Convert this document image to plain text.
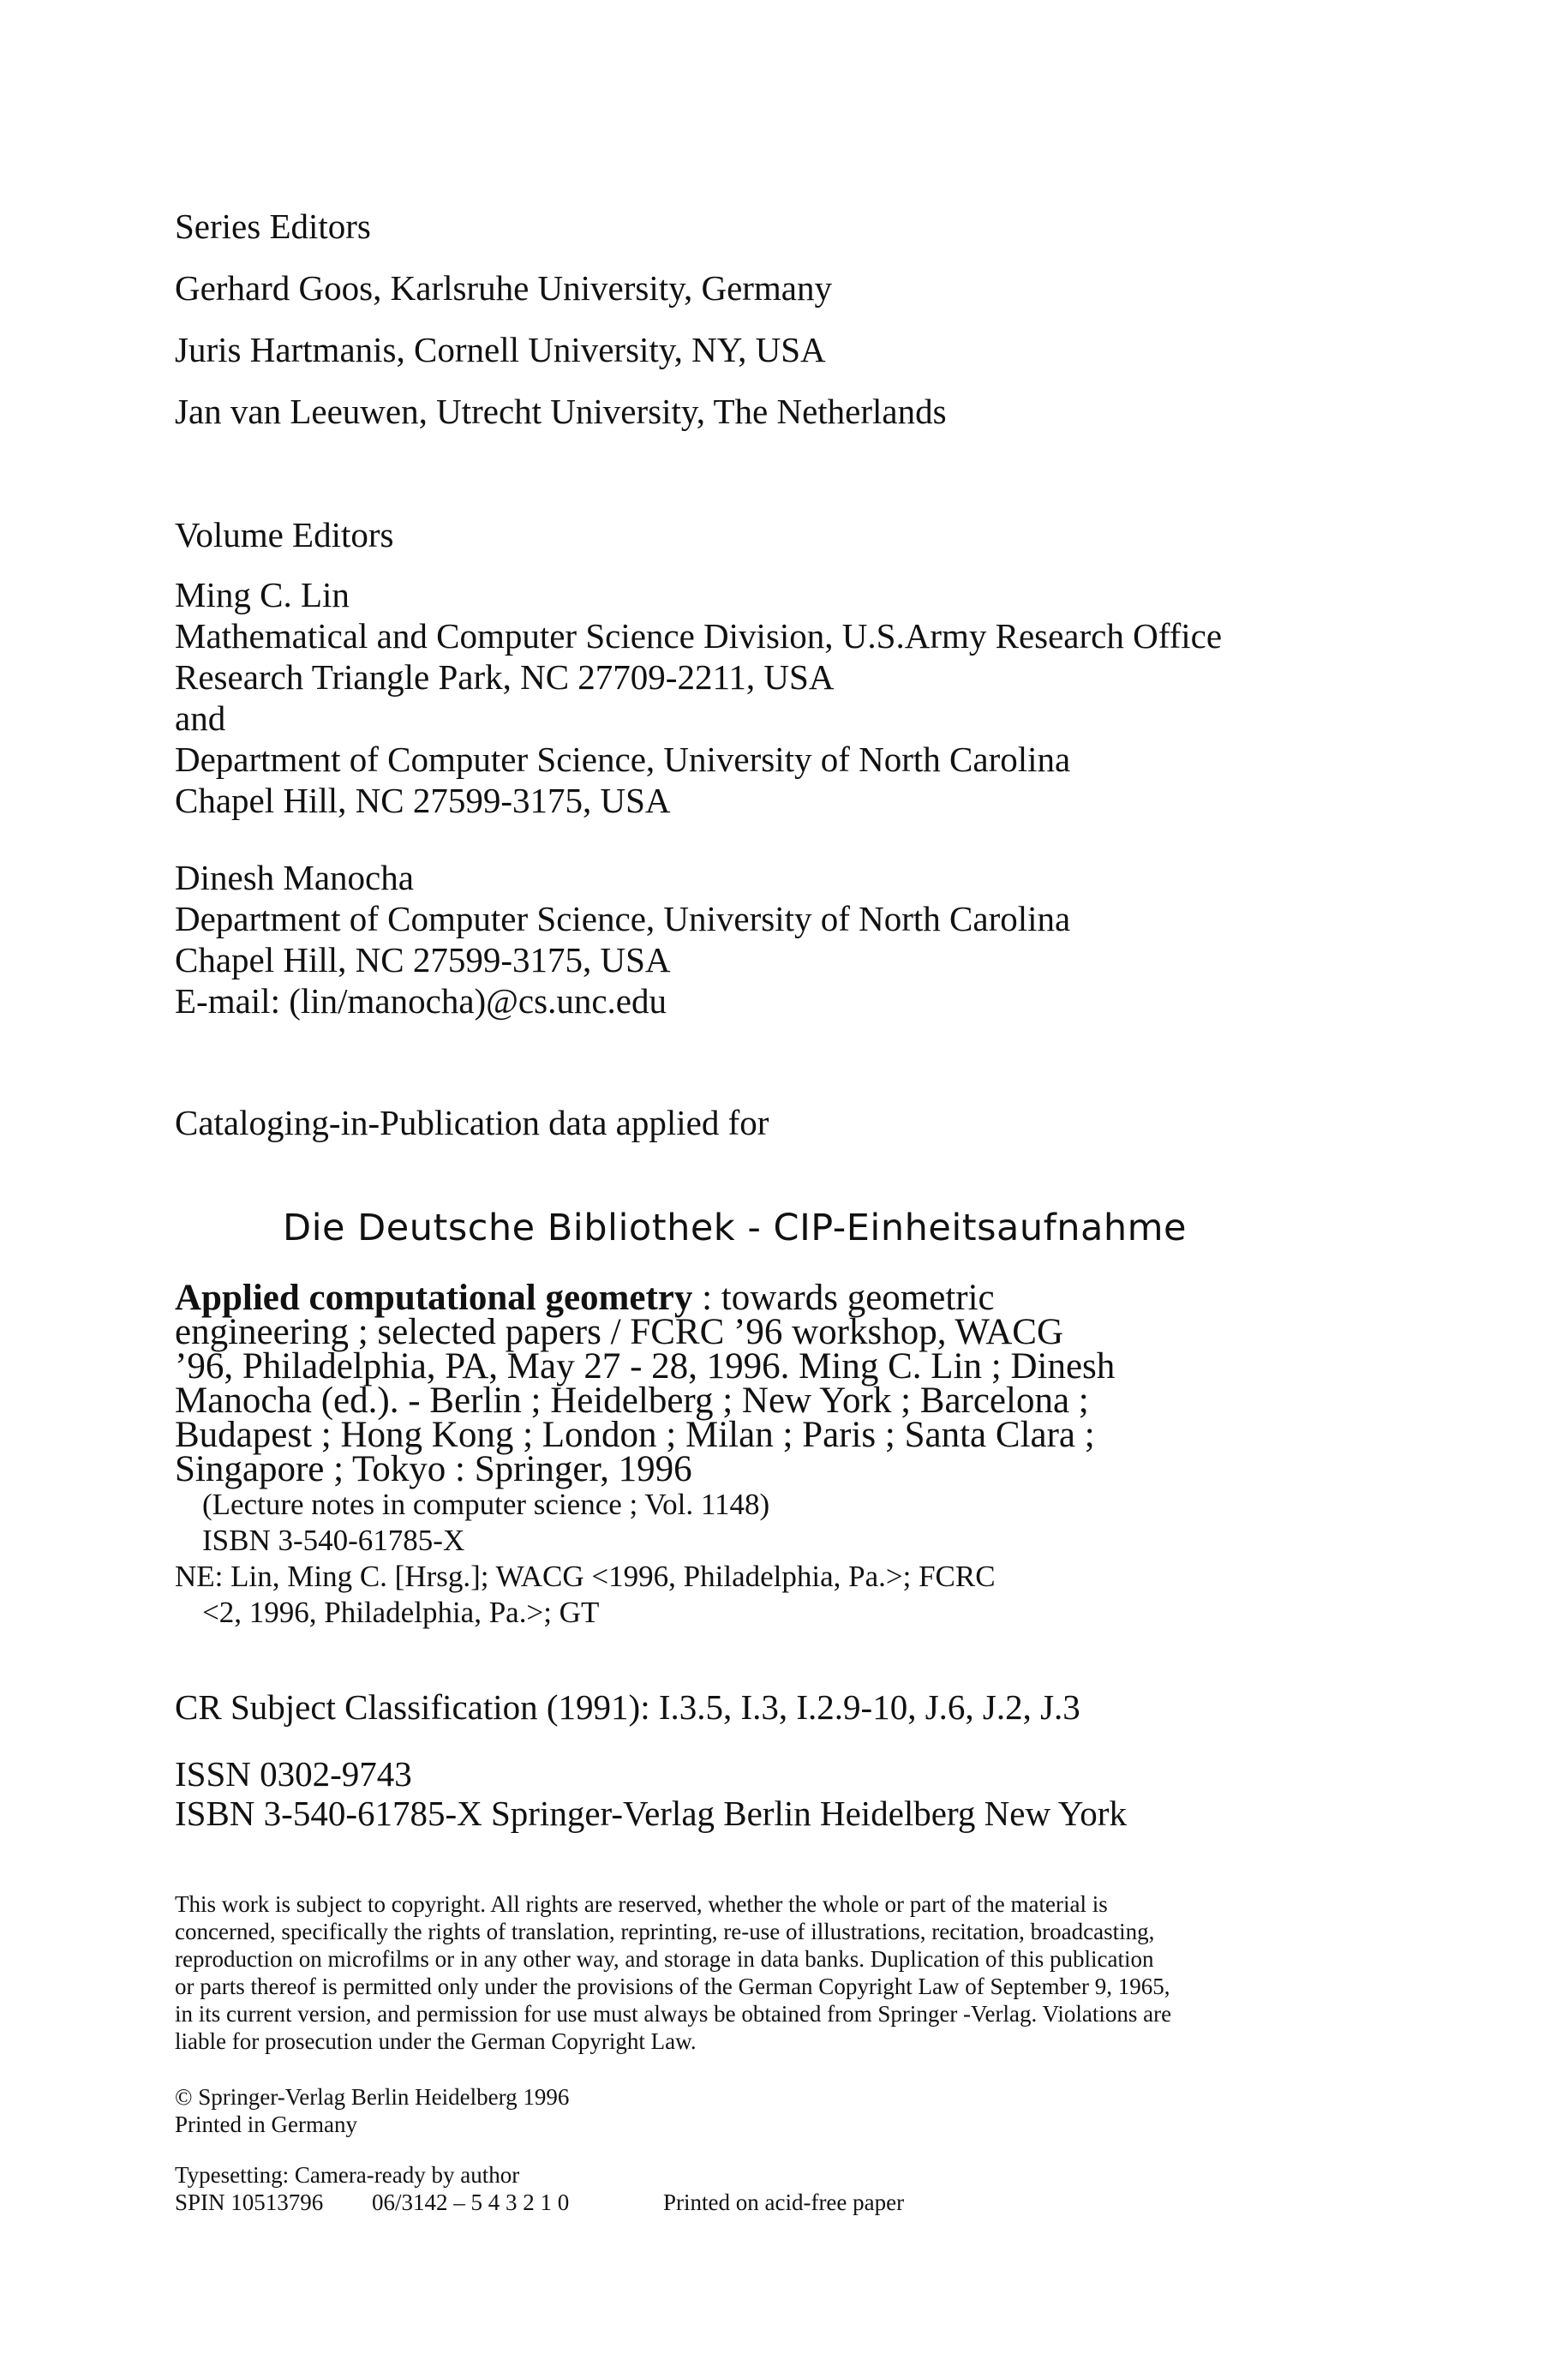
Series Editors
Gerhard Goos, Karlsruhe University, Germany
Juris Hartmanis, Cornell University, NY, USA
Jan van Leeuwen, Utrecht University, The Netherlands
Volume Editors
Ming C. Lin
Mathematical and Computer Science Division, U.S.Army Research Office
Research Triangle Park, NC 27709-2211, USA
and
Department of Computer Science, University of North Carolina
Chapel Hill, NC 27599-3175, USA
Dinesh Manocha
Department of Computer Science, University of North Carolina
Chapel Hill, NC 27599-3175, USA
E-mail: (lin/manocha)@cs.unc.edu
Cataloging-in-Publication data applied for
Die Deutsche Bibliothek - CIP-Einheitsaufnahme
Applied computational geometry : towards geometric
engineering ; selected papers / FCRC ’96 workshop, WACG
’96, Philadelphia, PA, May 27 - 28, 1996. Ming C. Lin ; Dinesh
Manocha (ed.). - Berlin ; Heidelberg ; New York ; Barcelona ;
Budapest ; Hong Kong ; London ; Milan ; Paris ; Santa Clara ;
Singapore ; Tokyo : Springer, 1996
(Lecture notes in computer science ; Vol. 1148)
ISBN 3-540-61785-X
NE: Lin, Ming C. [Hrsg.]; WACG <1996, Philadelphia, Pa.>; FCRC
<2, 1996, Philadelphia, Pa.>; GT
CR Subject Classification (1991): I.3.5, I.3, I.2.9-10, J.6, J.2, J.3
ISSN 0302-9743
ISBN 3-540-61785-X Springer-Verlag Berlin Heidelberg New York
This work is subject to copyright. All rights are reserved, whether the whole or part of the material is
concerned, specifically the rights of translation, reprinting, re-use of illustrations, recitation, broadcasting,
reproduction on microfilms or in any other way, and storage in data banks. Duplication of this publication
or parts thereof is permitted only under the provisions of the German Copyright Law of September 9, 1965,
in its current version, and permission for use must always be obtained from Springer -Verlag. Violations are
liable for prosecution under the German Copyright Law.
© Springer-Verlag Berlin Heidelberg 1996
Printed in Germany
Typesetting: Camera-ready by author
SPIN 10513796 06/3142 – 5 4 3 2 1 0	Printed on acid-free paper
